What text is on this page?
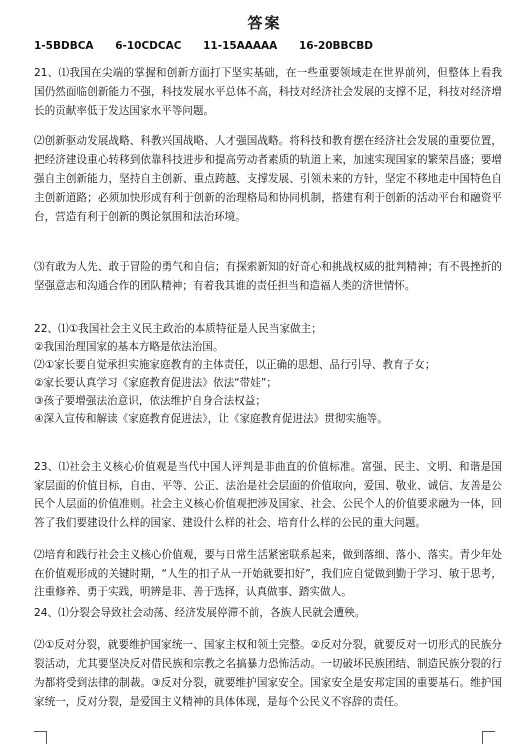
答案
1-5BDBCA 6-10CDCAC 11-15AAAAA 16-20BBCBD

21、⑴我国在尖端的掌握和创新方面打下坚实基础，在一些重要领域走在世界前列，但整体上看我国仍然面临创新能力不强，科技发展水平总体不高，科技对经济社会发展的支撑不足，科技对经济增长的贡献率低于发达国家水平等问题。

⑵创新驱动发展战略、科教兴国战略、人才强国战略。将科技和教育摆在经济社会发展的重要位置，把经济建设重心转移到依靠科技进步和提高劳动者素质的轨道上来，加速实现国家的繁荣昌盛；要增强自主创新能力，坚持自主创新、重点跨越、支撑发展、引领未来的方针，坚定不移地走中国特色自主创新道路；必须加快形成有利于创新的治理格局和协同机制，搭建有利于创新的活动平台和融资平台，营造有利于创新的舆论氛围和法治环境。

⑶有敢为人先、敢于冒险的勇气和自信；有探索新知的好奇心和挑战权威的批判精神；有不畏挫折的坚强意志和沟通合作的团队精神；有着我其谁的责任担当和造福人类的济世情怀。

22、⑴①我国社会主义民主政治的本质特征是人民当家做主；
②我国治理国家的基本方略是依法治国。
⑵①家长要自觉承担实施家庭教育的主体责任，以正确的思想、品行引导、教育子女；
②家长要认真学习《家庭教育促进法》依法“带娃”；
③孩子要增强法治意识，依法维护自身合法权益；
④深入宣传和解读《家庭教育促进法》，让《家庭教育促进法》贯彻实施等。

23、⑴社会主义核心价值观是当代中国人评判是非曲直的价值标准。富强、民主、文明、和谐是国家层面的价值目标，自由、平等、公正、法治是社会层面的价值取向，爱国、敬业、诚信、友善是公民个人层面的价值准则。社会主义核心价值观把涉及国家、社会、公民个人的价值要求融为一体，回答了我们要建设什么样的国家、建设什么样的社会、培育什么样的公民的重大问题。

⑵培育和践行社会主义核心价值观，要与日常生活紧密联系起来，做到落细、落小、落实。青少年处在价值观形成的关键时期，“人生的扣子从一开始就要扣好”，我们应自觉做到勤于学习、敏于思考，注重修养、勇于实践，明辨是非、善于选择，认真做事、踏实做人。

24、⑴分裂会导致社会动荡、经济发展停滞不前，各族人民就会遭殃。

⑵①反对分裂，就要维护国家统一、国家主权和领土完整。②反对分裂，就要反对一切形式的民族分裂活动，尤其要坚决反对借民族和宗教之名搞暴力恐怖活动。一切破坏民族团结、制造民族分裂的行为都将受到法律的制裁。③反对分裂，就要维护国家安全。国家安全是安邦定国的重要基石。维护国家统一，反对分裂，是爱国主义精神的具体体现，是每个公民义不容辞的责任。
